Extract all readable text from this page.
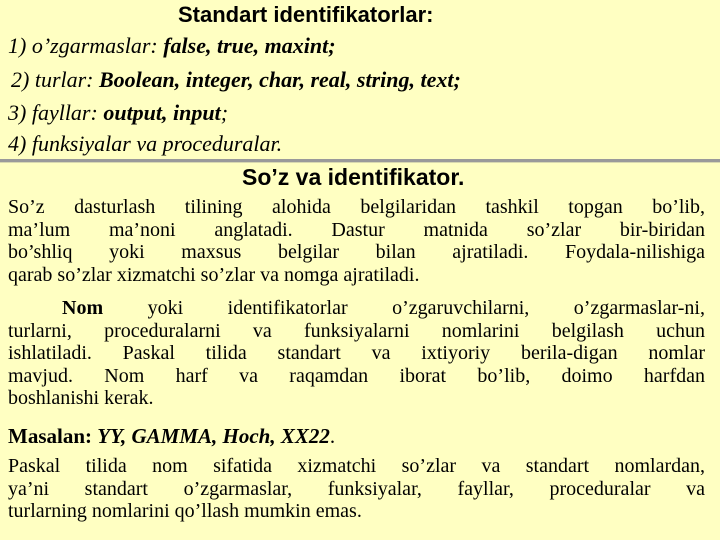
Standart identifikatorlar:
1) o’zgarmaslar: false, true, maxint;
2) turlar: Boolean, integer, char, real, string, text;
3) fayllar: output, input;
4) funksiyalar va proceduralar.
So’z va identifikator.
So’z dasturlash tilining alohida belgilaridan tashkil topgan bo’lib,
ma’lum ma’noni anglatadi. Dastur matnida so’zlar bir-biridan
bo’shliq yoki maxsus belgilar bilan ajratiladi. Foydala-nilishiga
qarab so’zlar xizmatchi so’zlar va nomga ajratiladi.
Nom yoki identifikatorlar o’zgaruvchilarni, o’zgarmaslar-ni,
turlarni, proceduralarni va funksiyalarni nomlarini belgilash uchun
ishlatiladi. Paskal tilida standart va ixtiyoriy berila-digan nomlar
mavjud. Nom harf va raqamdan iborat bo’lib, doimo harfdan
boshlanishi kerak.
Masalan: YY, GAMMA, Hoch, XX22.
Paskal tilida nom sifatida xizmatchi so’zlar va standart nomlardan,
ya’ni standart o’zgarmaslar, funksiyalar, fayllar, proceduralar va
turlarning nomlarini qo’llash mumkin emas.
